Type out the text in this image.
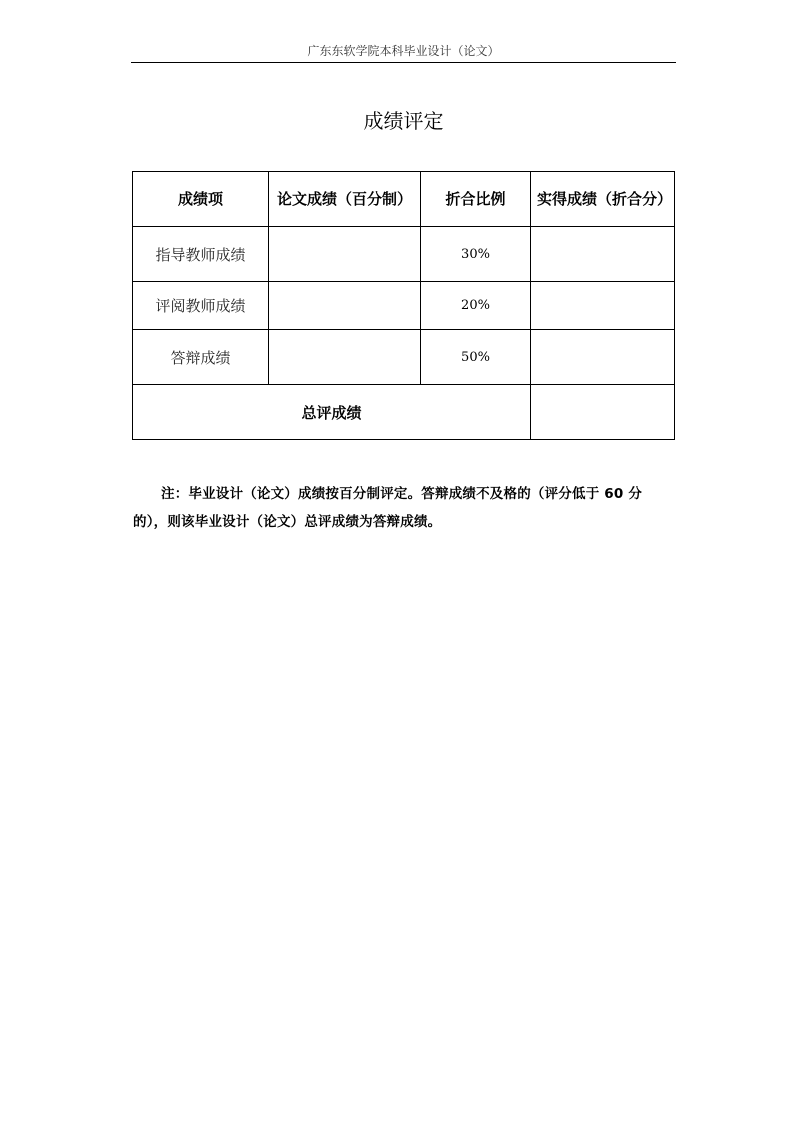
广东东软学院本科毕业设计（论文）
成绩评定
成绩项	论文成绩（百分制）	折合比例	实得成绩（折合分）
指导教师成绩		30%	
评阅教师成绩		20%	
答辩成绩		50%	
总评成绩			
注：毕业设计（论文）成绩按百分制评定。答辩成绩不及格的（评分低于 60 分的），则该毕业设计（论文）总评成绩为答辩成绩。
